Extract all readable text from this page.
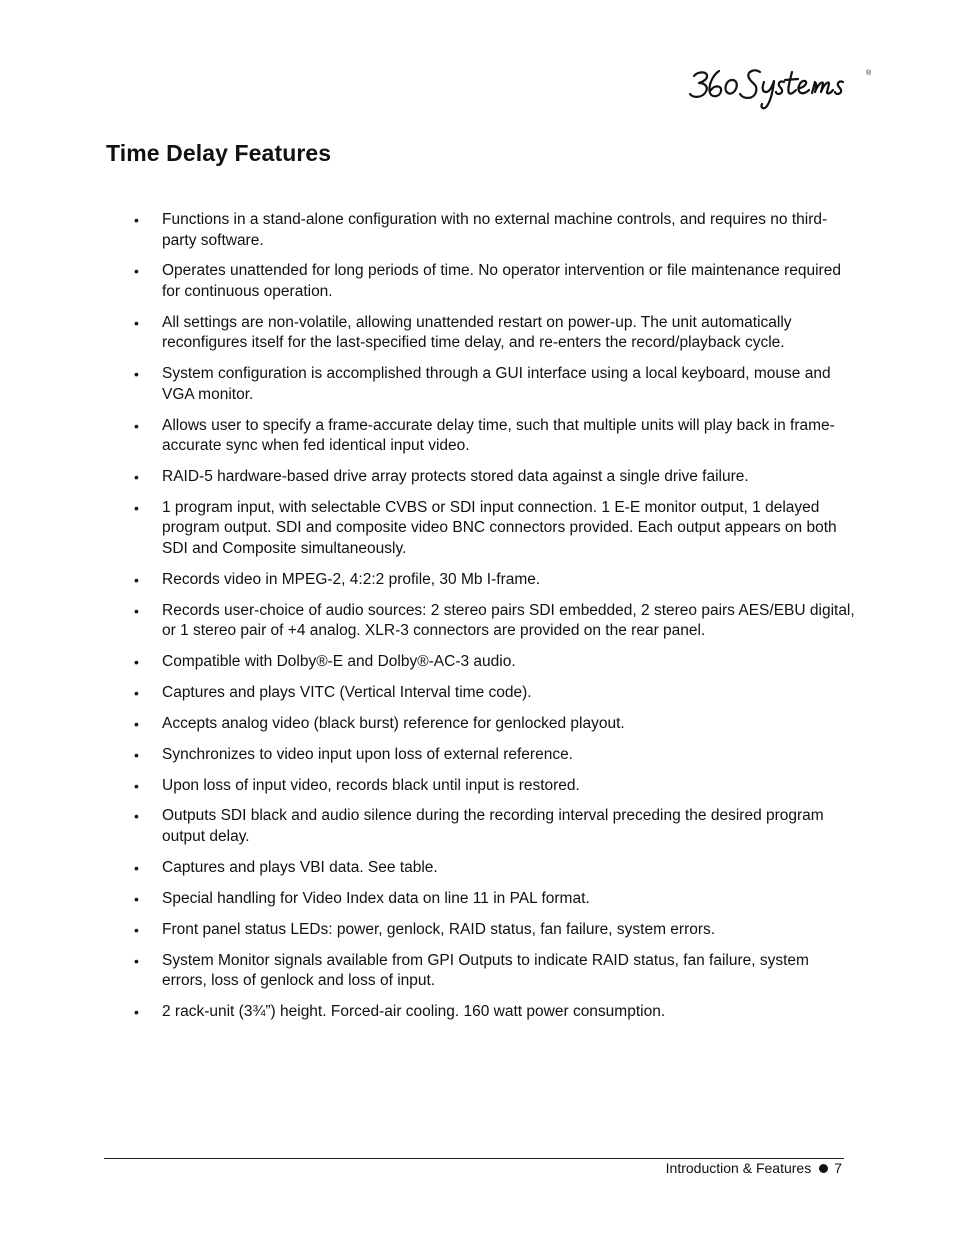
®
Time Delay Features
• Functions in a stand-alone configuration with no external machine controls, and requires no third-party software.
• Operates unattended for long periods of time. No operator intervention or file maintenance required for continuous operation.
• All settings are non-volatile, allowing unattended restart on power-up. The unit automatically reconfigures itself for the last-specified time delay, and re-enters the record/playback cycle.
• System configuration is accomplished through a GUI interface using a local keyboard, mouse and VGA monitor.
• Allows user to specify a frame-accurate delay time, such that multiple units will play back in frame-accurate sync when fed identical input video.
• RAID-5 hardware-based drive array protects stored data against a single drive failure.
• 1 program input, with selectable CVBS or SDI input connection. 1 E-E monitor output, 1 delayed program output. SDI and composite video BNC connectors provided. Each output appears on both SDI and Composite simultaneously.
• Records video in MPEG-2, 4:2:2 profile, 30 Mb I-frame.
• Records user-choice of audio sources: 2 stereo pairs SDI embedded, 2 stereo pairs AES/EBU digital, or 1 stereo pair of +4 analog. XLR-3 connectors are provided on the rear panel.
• Compatible with Dolby®-E and Dolby®-AC-3 audio.
• Captures and plays VITC (Vertical Interval time code).
• Accepts analog video (black burst) reference for genlocked playout.
• Synchronizes to video input upon loss of external reference.
• Upon loss of input video, records black until input is restored.
• Outputs SDI black and audio silence during the recording interval preceding the desired program output delay.
• Captures and plays VBI data. See table.
• Special handling for Video Index data on line 11 in PAL format.
• Front panel status LEDs: power, genlock, RAID status, fan failure, system errors.
• System Monitor signals available from GPI Outputs to indicate RAID status, fan failure, system errors, loss of genlock and loss of input.
• 2 rack-unit (3¾”) height. Forced-air cooling. 160 watt power consumption.
Introduction & Features 7
